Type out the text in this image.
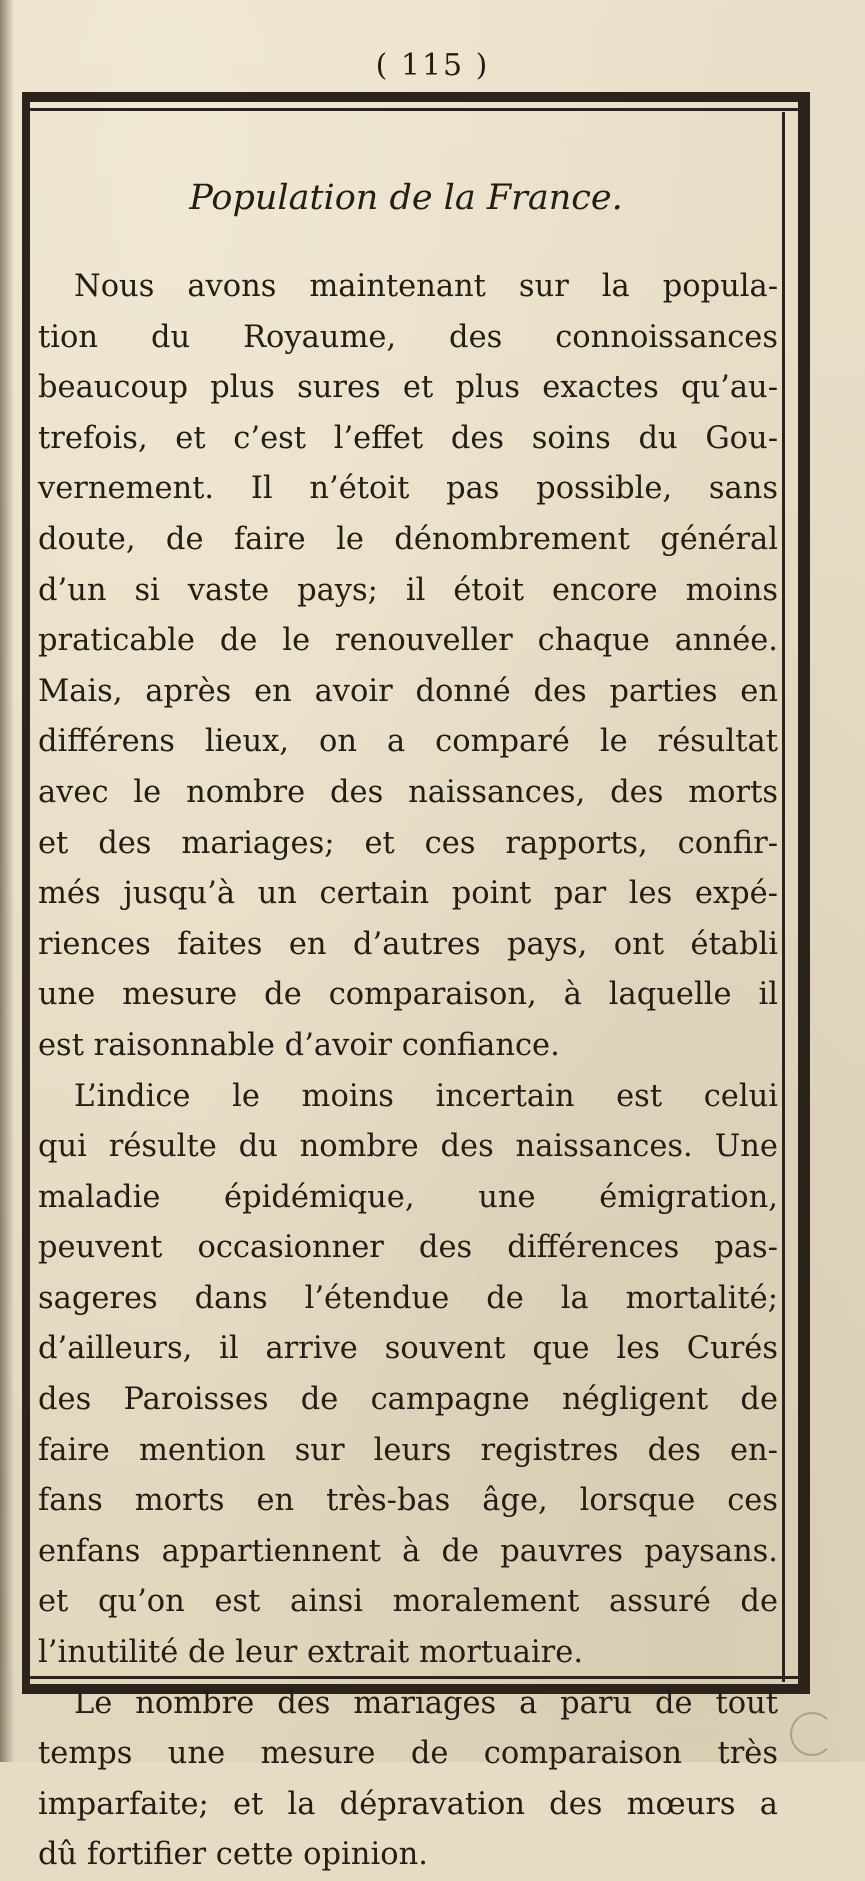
( 115 )
Population de la France.
Nous avons maintenant sur la popula-
tion du Royaume, des connoissances
beaucoup plus sures et plus exactes qu’au-
trefois, et c’est l’effet des soins du Gou-
vernement. Il n’étoit pas possible, sans
doute, de faire le dénombrement général
d’un si vaste pays; il étoit encore moins
praticable de le renouveller chaque année.
Mais, après en avoir donné des parties en
différens lieux, on a comparé le résultat
avec le nombre des naissances, des morts
et des mariages; et ces rapports, confir-
més jusqu’à un certain point par les expé-
riences faites en d’autres pays, ont établi
une mesure de comparaison, à laquelle il
est raisonnable d’avoir confiance.
L’indice le moins incertain est celui
qui résulte du nombre des naissances. Une
maladie épidémique, une émigration,
peuvent occasionner des différences pas-
sageres dans l’étendue de la mortalité;
d’ailleurs, il arrive souvent que les Curés
des Paroisses de campagne négligent de
faire mention sur leurs registres des en-
fans morts en très-bas âge, lorsque ces
enfans appartiennent à de pauvres paysans.
et qu’on est ainsi moralement assuré de
l’inutilité de leur extrait mortuaire.
Le nombre des mariages a paru de tout
temps une mesure de comparaison très
imparfaite; et la dépravation des mœurs a
dû fortifier cette opinion.
